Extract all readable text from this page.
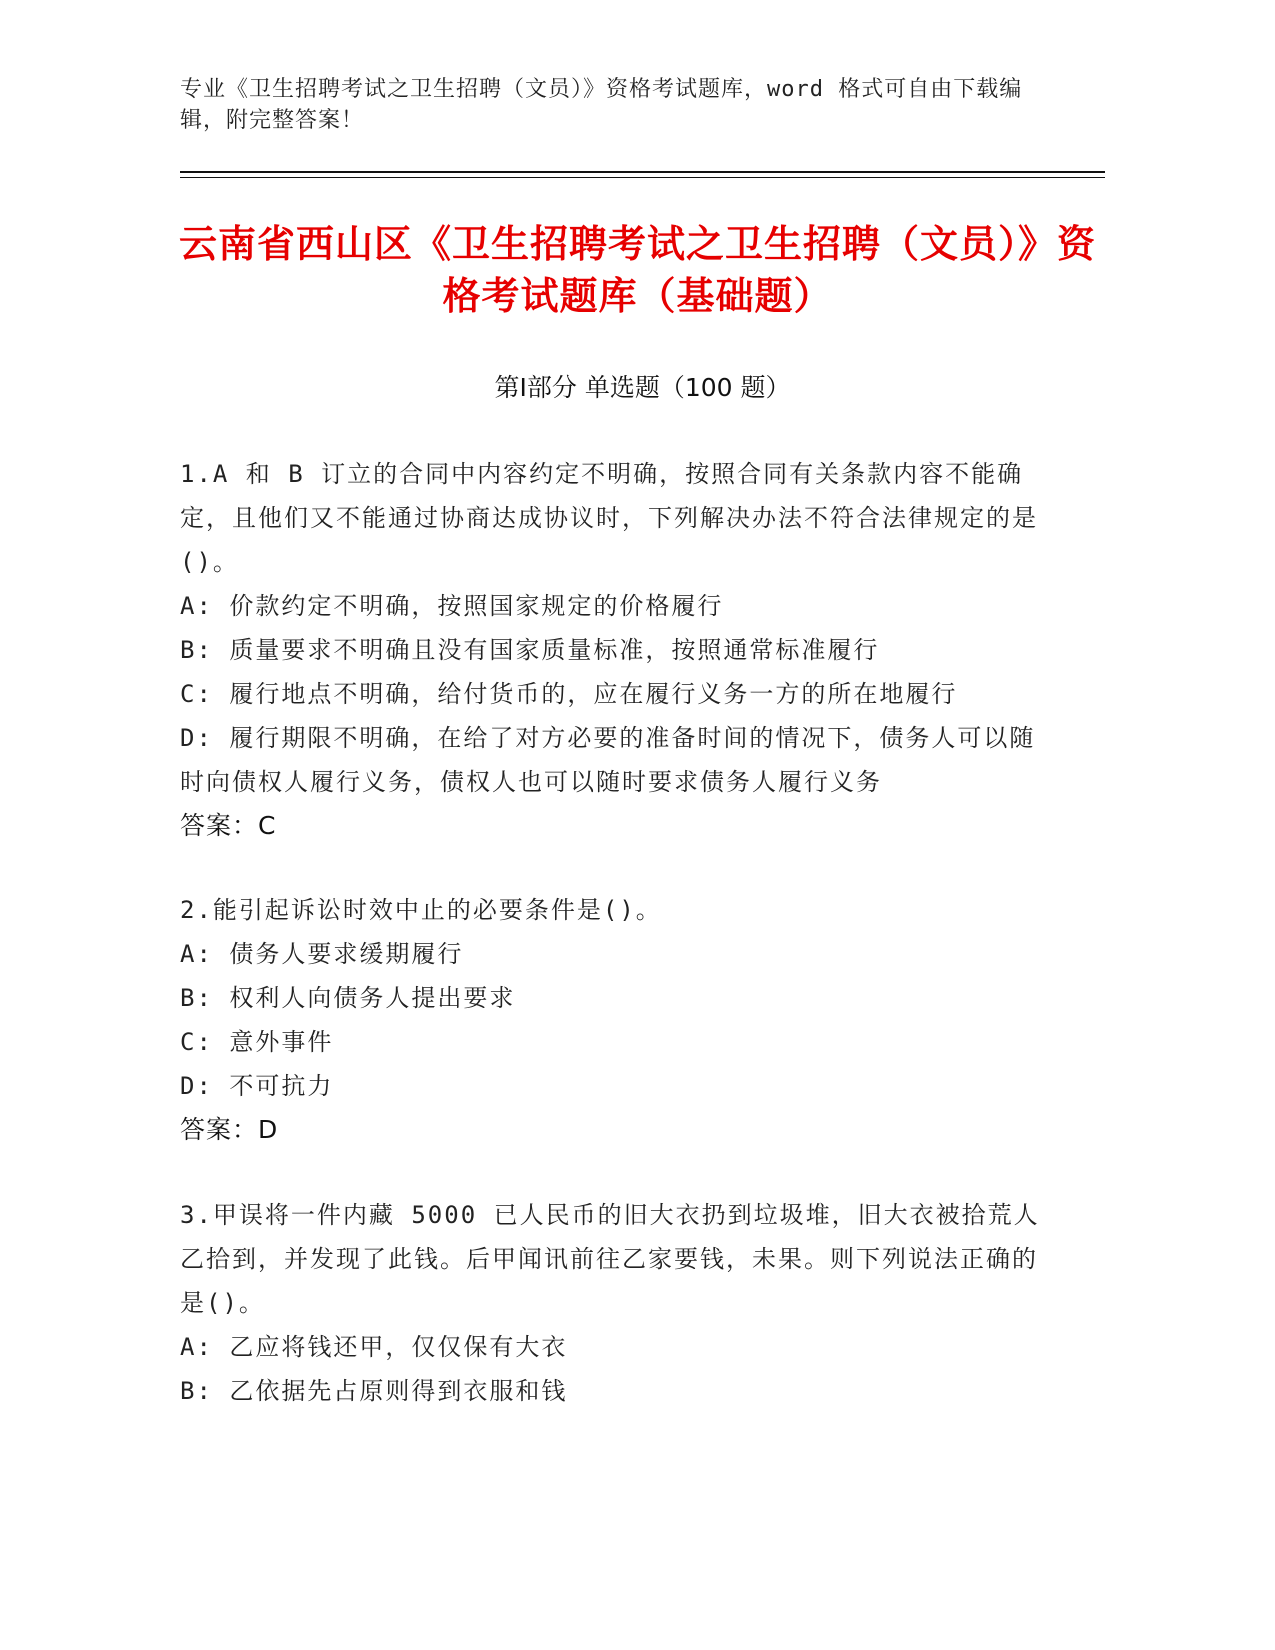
专业《卫生招聘考试之卫生招聘（文员）》资格考试题库，word 格式可自由下载编辑，附完整答案！
云南省西山区《卫生招聘考试之卫生招聘（文员）》资格考试题库（基础题）
第Ⅰ部分 单选题（100 题）
1.A 和 B 订立的合同中内容约定不明确，按照合同有关条款内容不能确定，且他们又不能通过协商达成协议时，下列解决办法不符合法律规定的是()。
A: 价款约定不明确，按照国家规定的价格履行
B: 质量要求不明确且没有国家质量标准，按照通常标准履行
C: 履行地点不明确，给付货币的，应在履行义务一方的所在地履行
D: 履行期限不明确，在给了对方必要的准备时间的情况下，债务人可以随时向债权人履行义务，债权人也可以随时要求债务人履行义务
答案：C
2.能引起诉讼时效中止的必要条件是()。
A: 债务人要求缓期履行
B: 权利人向债务人提出要求
C: 意外事件
D: 不可抗力
答案：D
3.甲误将一件内藏 5000 已人民币的旧大衣扔到垃圾堆，旧大衣被拾荒人乙拾到，并发现了此钱。后甲闻讯前往乙家要钱，未果。则下列说法正确的是()。
A: 乙应将钱还甲，仅仅保有大衣
B: 乙依据先占原则得到衣服和钱
